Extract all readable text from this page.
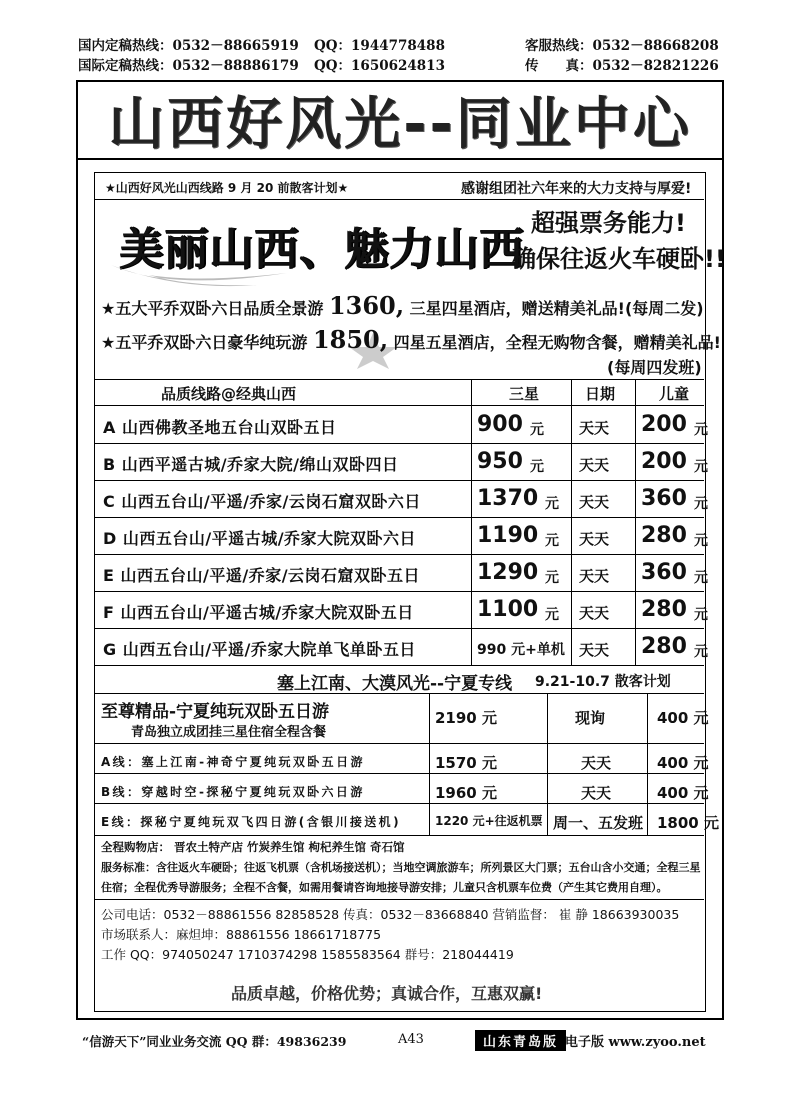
国内定稿热线：0532－88665919 QQ：1944778488	客服热线：0532－88668208
国际定稿热线：0532－88886179 QQ：1650624813	传　　真：0532－82821226
山西好风光--同业中心
★山西好风光山西线路 9 月 20 前散客计划★	感谢组团社六年来的大力支持与厚爱!
美丽山西、魅力山西
超强票务能力!
确保往返火车硬卧!!
★五大平乔双卧六日品质全景游 1360, 三星四星酒店，赠送精美礼品!(每周二发)
★五平乔双卧六日豪华纯玩游 1850, 四星五星酒店，全程无购物含餐，赠精美礼品!
(每周四发班)
品质线路@经典山西	三星	日期	儿童
A 山西佛教圣地五台山双卧五日	900 元 天天 200 元
B 山西平遥古城/乔家大院/绵山双卧四日	950 元 天天 200 元
C 山西五台山/平遥/乔家/云岗石窟双卧六日	1370 元 天天 360 元
D 山西五台山/平遥古城/乔家大院双卧六日	1190 元 天天 280 元
E 山西五台山/平遥/乔家/云岗石窟双卧五日	1290 元 天天 360 元
F 山西五台山/平遥古城/乔家大院双卧五日	1100 元 天天 280 元
G 山西五台山/平遥/乔家大院单飞单卧五日	990 元+单机 天天 280 元
塞上江南、大漠风光--宁夏专线 9.21-10.7 散客计划
至尊精品-宁夏纯玩双卧五日游
青岛独立成团挂三星住宿全程含餐
2190 元	现询	400 元
A线：塞上江南-神奇宁夏纯玩双卧五日游	1570 元	天天	400 元
B线：穿越时空-探秘宁夏纯玩双卧六日游	1960 元	天天	400 元
E线：探秘宁夏纯玩双飞四日游(含银川接送机)	1220 元+往返机票 周一、五发班 1800 元
全程购物店： 晋农土特产店 竹炭养生馆 枸杞养生馆 奇石馆
服务标准：含往返火车硬卧；往返飞机票（含机场接送机）；当地空调旅游车；所列景区大门票；五台山含小交通；全程三星
住宿；全程优秀导游服务；全程不含餐，如需用餐请咨询地接导游安排；儿童只含机票车位费（产生其它费用自理）。
公司电话：0532－88861556 82858528 传真：0532－83668840 营销监督： 崔 静 18663930035
市场联系人：麻炟坤：88861556 18661718775
工作 QQ：974050247 1710374298 1585583564 群号：218044419
品质卓越，价格优势；真诚合作，互惠双赢!
“信游天下”同业业务交流 QQ 群：49836239	A43	山东青岛版 电子版 www.zyoo.net
